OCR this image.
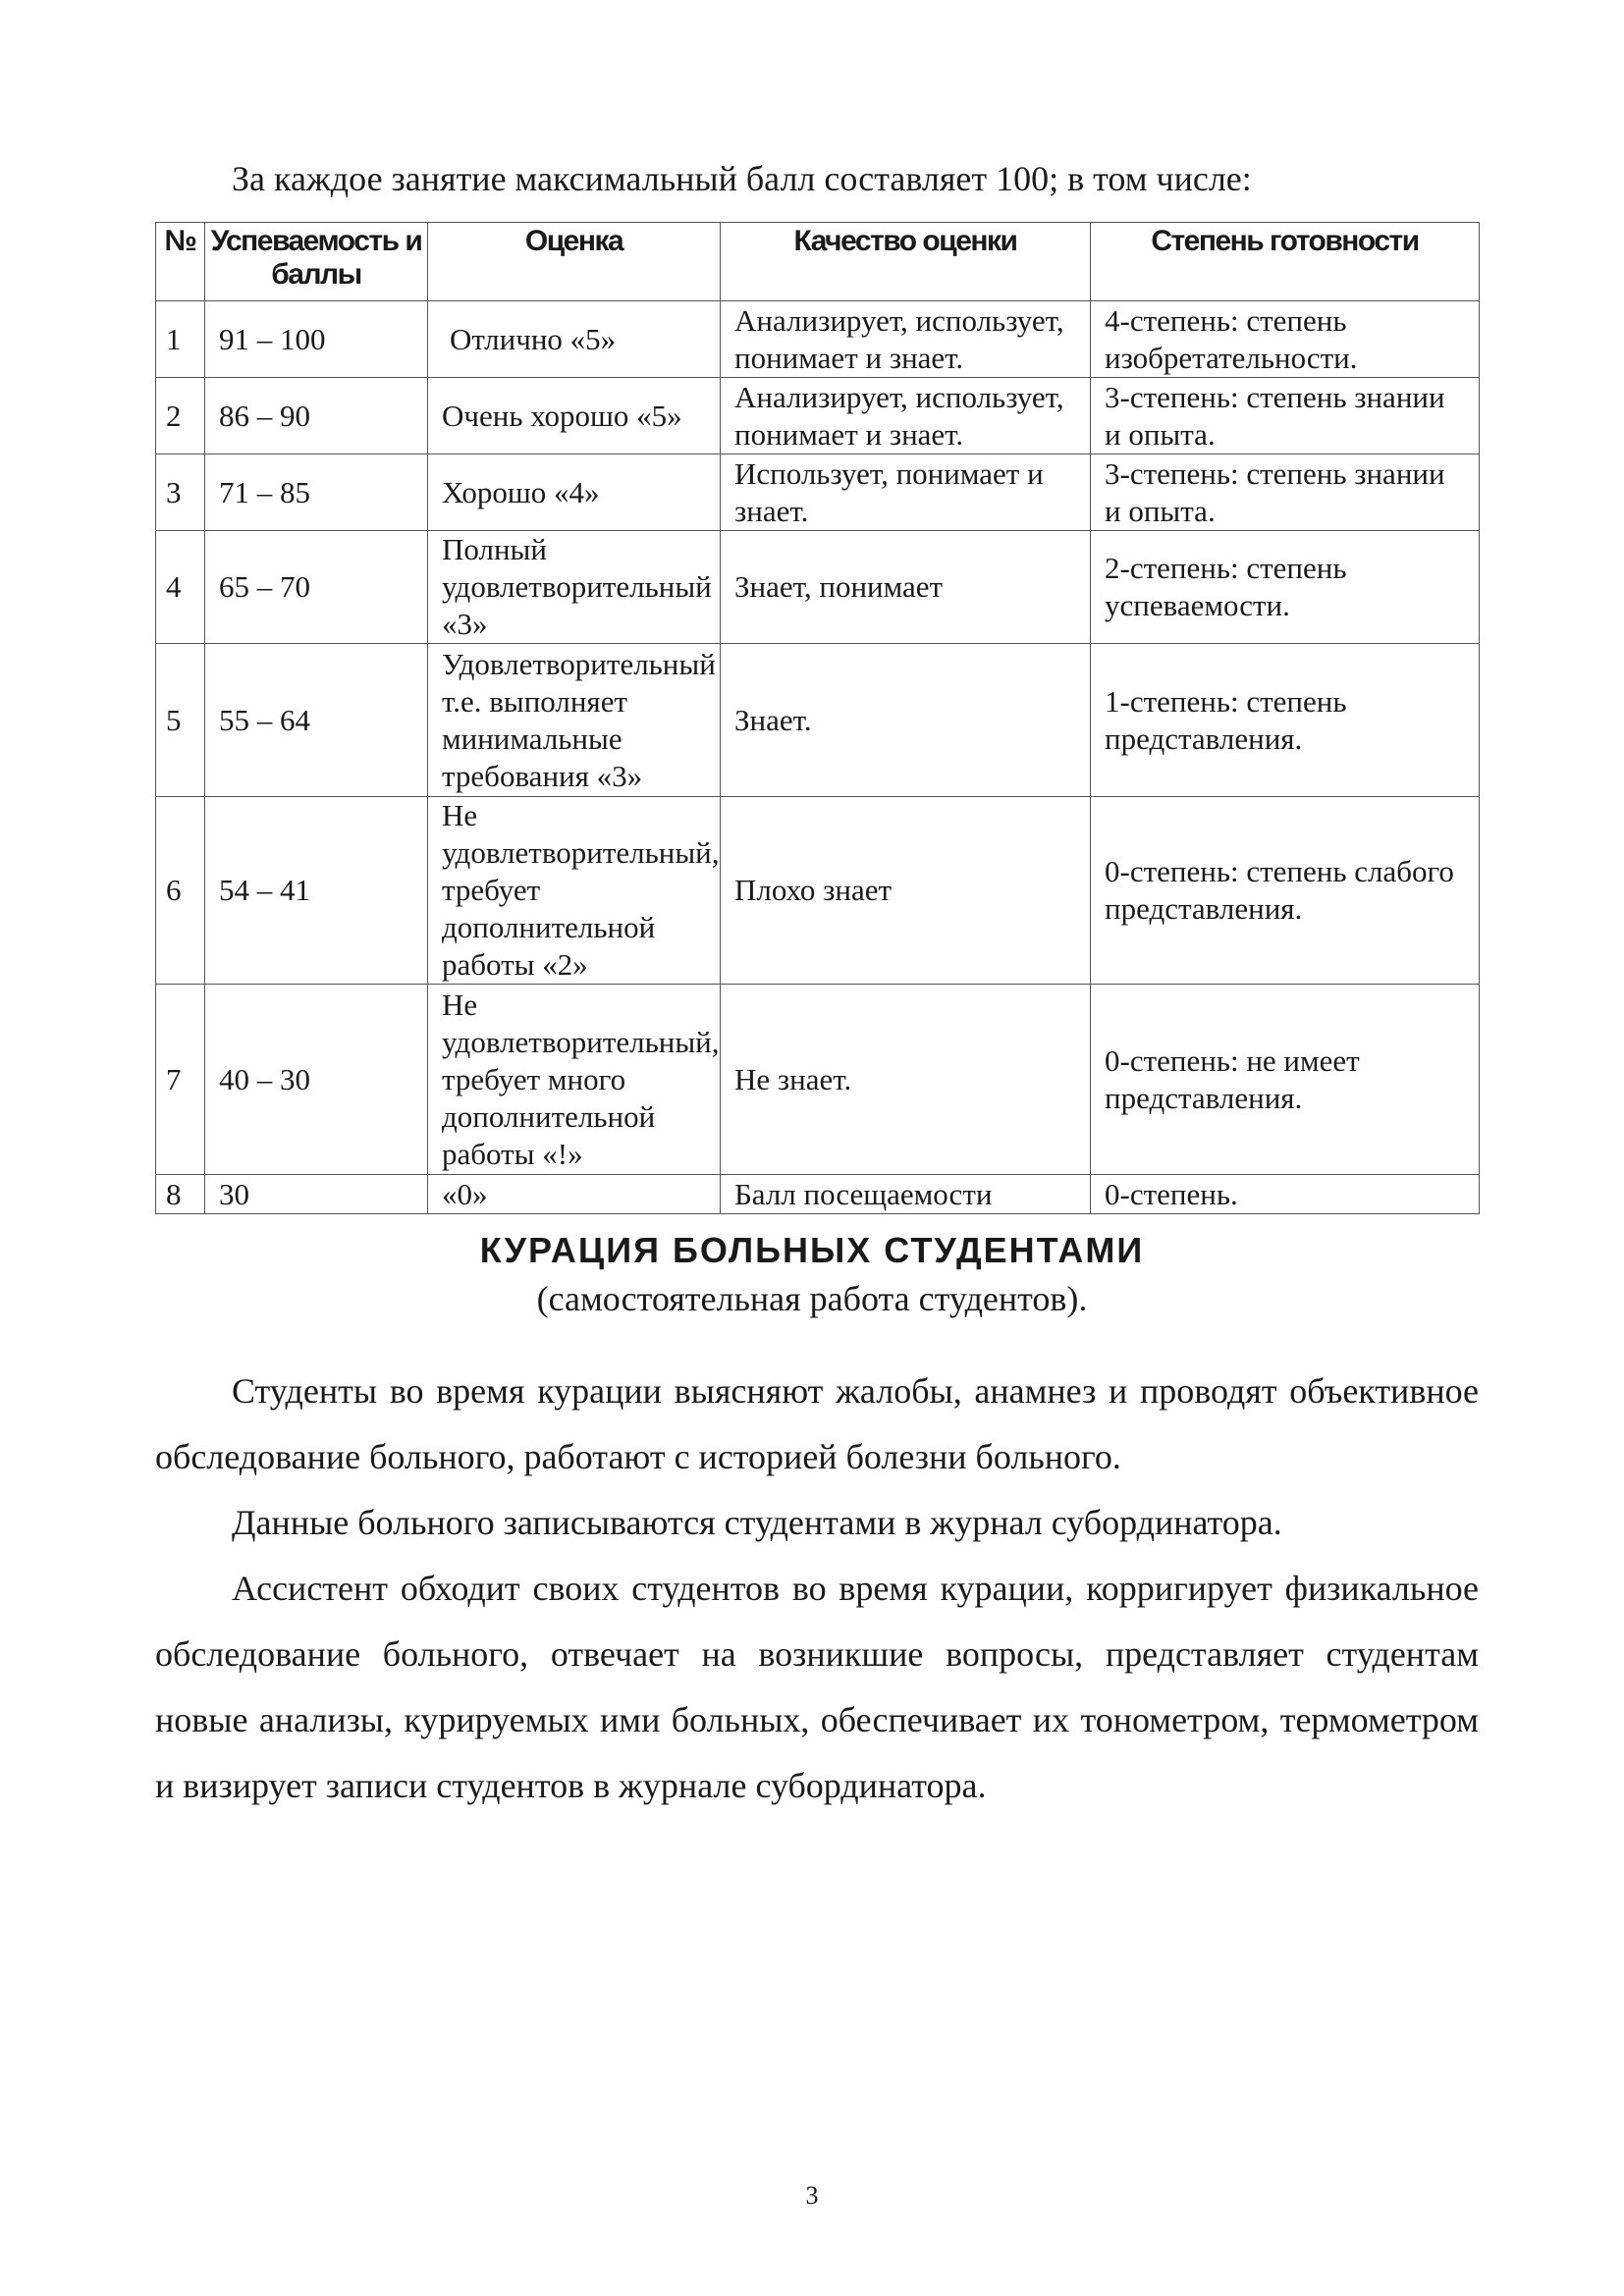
За каждое занятие максимальный балл составляет 100; в том числе:
№	Успеваемость и баллы	Оценка	Качество оценки	Степень готовности
1	91 – 100	Отлично «5»	Анализирует, использует, понимает и знает.	4-степень: степень изобретательности.
2	86 – 90	Очень хорошо «5»	Анализирует, использует, понимает и знает.	3-степень: степень знании и опыта.
3	71 – 85	Хорошо «4»	Использует, понимает и знает.	3-степень: степень знании и опыта.
4	65 – 70	Полный удовлетворительный «3»	Знает, понимает	2-степень: степень успеваемости.
5	55 – 64	Удовлетворительный т.е. выполняет минимальные требования «3»	Знает.	1-степень: степень представления.
6	54 – 41	Не удовлетворительный, требует дополнительной работы «2»	Плохо знает	0-степень: степень слабого представления.
7	40 – 30	Не удовлетворительный, требует много дополнительной работы «!»	Не знает.	0-степень: не имеет представления.
8	30	«0»	Балл посещаемости	0-степень.
КУРАЦИЯ БОЛЬНЫХ СТУДЕНТАМИ
(самостоятельная работа студентов).

Студенты во время курации выясняют жалобы, анамнез и проводят объективное обследование больного, работают с историей болезни больного.

Данные больного записываются студентами в журнал субординатора.

Ассистент обходит своих студентов во время курации, корригирует физикальное обследование больного, отвечает на возникшие вопросы, представляет студентам новые анализы, курируемых ими больных, обеспечивает их тонометром, термометром и визирует записи студентов в журнале субординатора.

3
